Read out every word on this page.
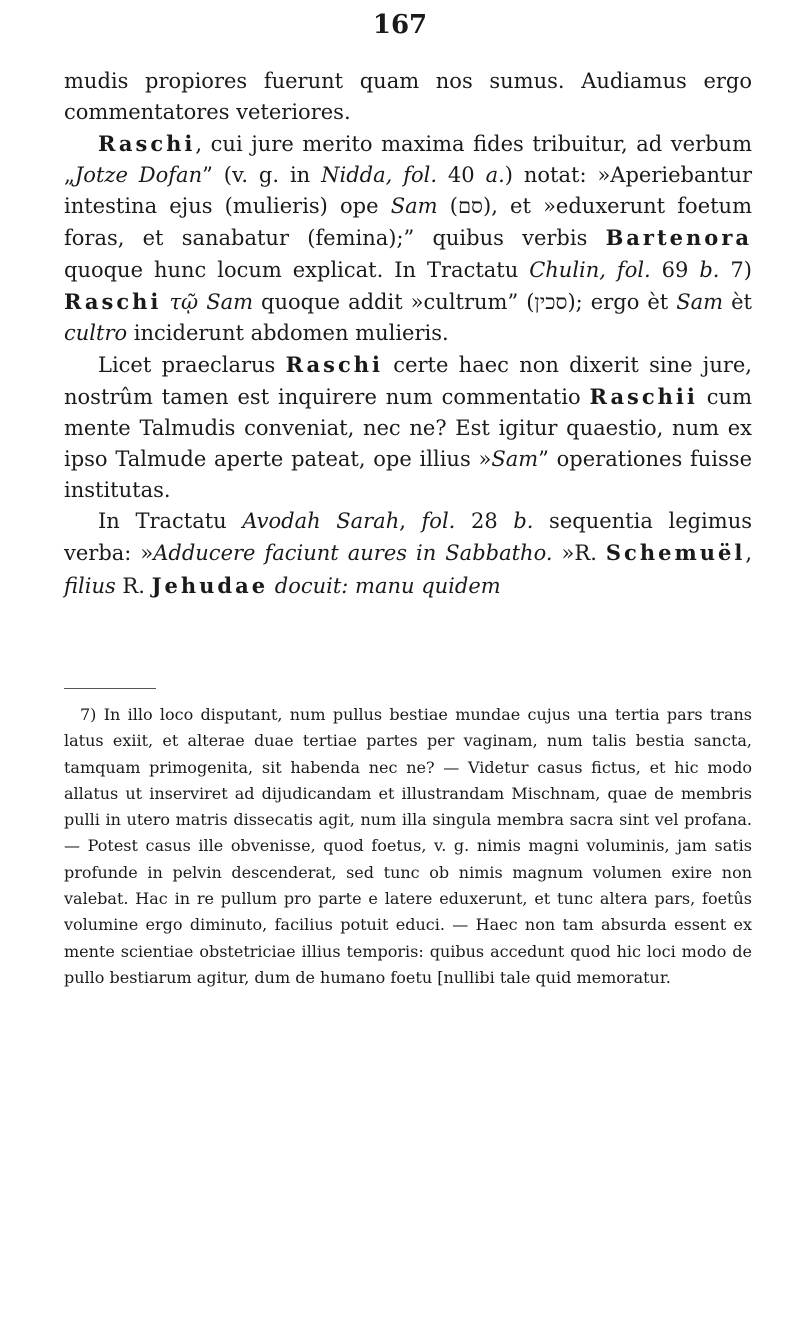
167

mudis propiores fuerunt quam nos sumus. Audiamus ergo commentatores veteriores.

Raschi, cui jure merito maxima fides tribuitur, ad verbum „Jotze Dofan” (v. g. in Nidda, fol. 40 a.) notat: »Aperiebantur intestina ejus (mulieris) ope Sam (סם), et »eduxerunt foetum foras, et sanabatur (femina);” quibus verbis Bartenora quoque hunc locum explicat. In Tractatu Chulin, fol. 69 b. 7) Raschi τῷ Sam quoque addit »cultrum” (סכין); ergo èt Sam èt cultro inciderunt abdomen mulieris.

Licet praeclarus Raschi certe haec non dixerit sine jure, nostrûm tamen est inquirere num commentatio Raschii cum mente Talmudis conveniat, nec ne? Est igitur quaestio, num ex ipso Talmude aperte pateat, ope illius »Sam” operationes fuisse institutas.

In Tractatu Avodah Sarah, fol. 28 b. sequentia legimus verba: »Adducere faciunt aures in Sabbatho. »R. Schemuël, filius R. Jehudae docuit: manu quidem

7) In illo loco disputant, num pullus bestiae mundae cujus una tertia pars trans latus exiit, et alterae duae tertiae partes per vaginam, num talis bestia sancta, tamquam primogenita, sit habenda nec ne? — Videtur casus fictus, et hic modo allatus ut inserviret ad dijudicandam et illustrandam Mischnam, quae de membris pulli in utero matris dissecatis agit, num illa singula membra sacra sint vel profana. — Potest casus ille obvenisse, quod foetus, v. g. nimis magni voluminis, jam satis profunde in pelvin descenderat, sed tunc ob nimis magnum volumen exire non valebat. Hac in re pullum pro parte e latere eduxerunt, et tunc altera pars, foetûs volumine ergo diminuto, facilius potuit educi. — Haec non tam absurda essent ex mente scientiae obstetriciae illius temporis: quibus accedunt quod hic loci modo de pullo bestiarum agitur, dum de humano foetu [nullibi tale quid memoratur.
